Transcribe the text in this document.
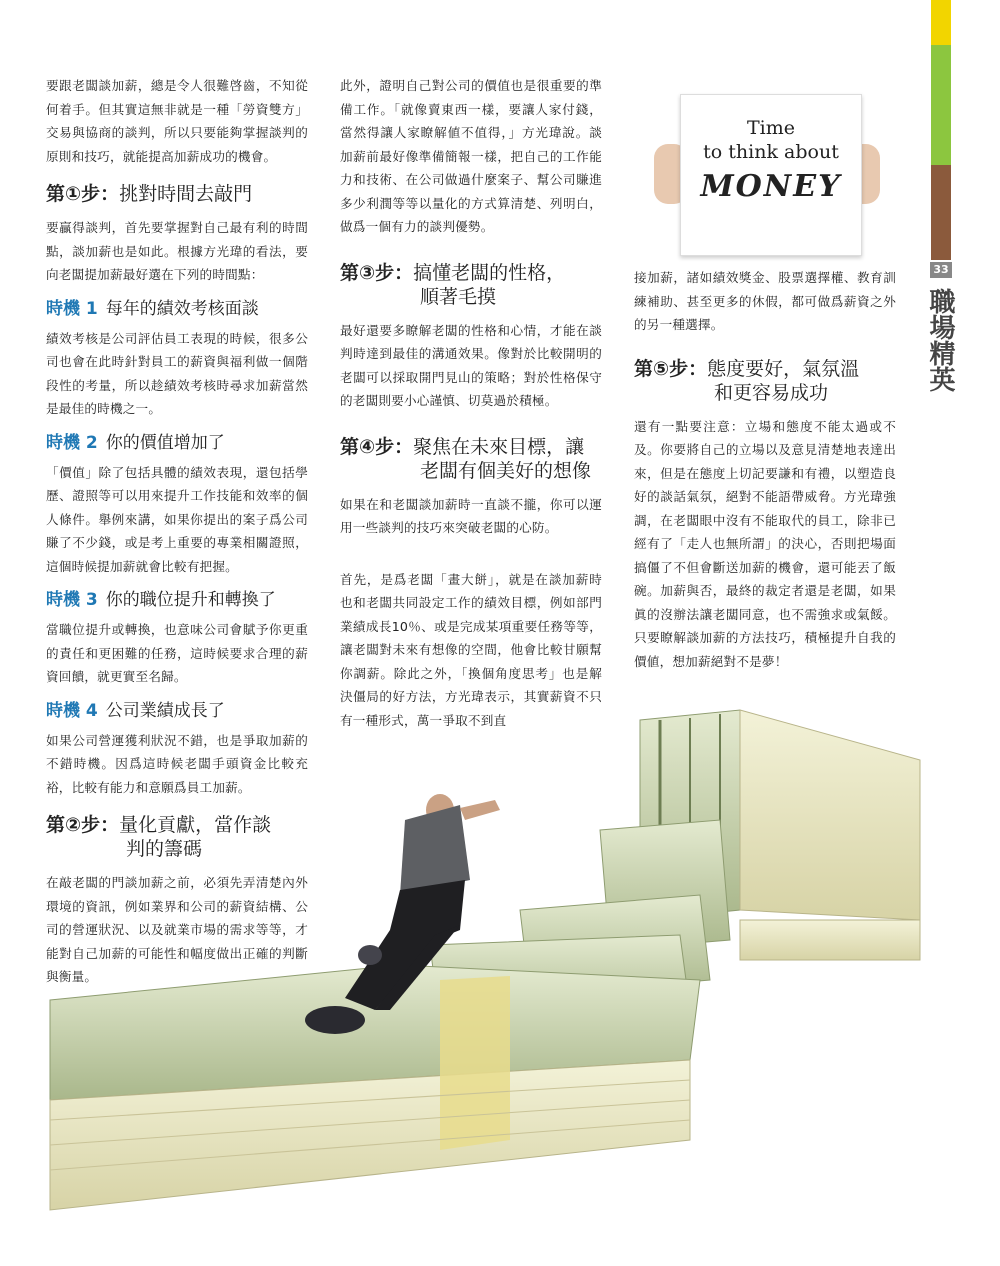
33
職場精英

要跟老闆談加薪，總是令人很難啓齒，不知從何着手。但其實這無非就是一種「勞資雙方」交易與協商的談判，所以只要能夠掌握談判的原則和技巧，就能提高加薪成功的機會。

第①步：挑對時間去敲門

要贏得談判，首先要掌握對自己最有利的時間點，談加薪也是如此。根據方光瑋的看法，要向老闆提加薪最好選在下列的時間點：

時機 1 每年的績效考核面談

績效考核是公司評估員工表現的時候，很多公司也會在此時針對員工的薪資與福利做一個階段性的考量，所以趁績效考核時尋求加薪當然是最佳的時機之一。

時機 2 你的價值增加了

「價值」除了包括具體的績效表現，還包括學歷、證照等可以用來提升工作技能和效率的個人條件。舉例來講，如果你提出的案子爲公司賺了不少錢，或是考上重要的專業相關證照，這個時候提加薪就會比較有把握。

時機 3 你的職位提升和轉換了

當職位提升或轉換，也意味公司會賦予你更重的責任和更困難的任務，這時候要求合理的薪資回饋，就更實至名歸。

時機 4 公司業績成長了

如果公司營運獲利狀況不錯，也是爭取加薪的不錯時機。因爲這時候老闆手頭資金比較充裕，比較有能力和意願爲員工加薪。

第②步：量化貢獻，當作談
判的籌碼

在敲老闆的門談加薪之前，必須先弄清楚內外環境的資訊，例如業界和公司的薪資結構、公司的營運狀況、以及就業市場的需求等等，才能對自己加薪的可能性和幅度做出正確的判斷與衡量。

此外，證明自己對公司的價值也是很重要的準備工作。「就像賣東西一樣，要讓人家付錢，當然得讓人家瞭解値不值得，」方光瑋說。談加薪前最好像準備簡報一樣，把自己的工作能力和技術、在公司做過什麼案子、幫公司賺進多少利潤等等以量化的方式算清楚、列明白，做爲一個有力的談判優勢。

第③步：搞懂老闆的性格，
順著毛摸

最好還要多瞭解老闆的性格和心情，才能在談判時達到最佳的溝通效果。像對於比較開明的老闆可以採取開門見山的策略；對於性格保守的老闆則要小心謹慎、切莫過於積極。

第④步：聚焦在未來目標，讓
老闆有個美好的想像

如果在和老闆談加薪時一直談不攏，你可以運用一些談判的技巧來突破老闆的心防。

首先，是爲老闆「畫大餅」，就是在談加薪時也和老闆共同設定工作的績效目標，例如部門業績成長10％、或是完成某項重要任務等等，讓老闆對未來有想像的空間，他會比較甘願幫你調薪。除此之外，「換個角度思考」也是解決僵局的好方法，方光瑋表示，其實薪資不只有一種形式，萬一爭取不到直

Time
to think about
MONEY

接加薪，諸如績效獎金、股票選擇權、教育訓練補助、甚至更多的休假，都可做爲薪資之外的另一種選擇。

第⑤步：態度要好，氣氛溫
和更容易成功

還有一點要注意：立場和態度不能太過或不及。你要將自己的立場以及意見清楚地表達出來，但是在態度上切記要謙和有禮，以塑造良好的談話氣氛，絕對不能語帶威脅。方光瑋強調，在老闆眼中沒有不能取代的員工，除非已經有了「走人也無所謂」的決心，否則把場面搞僵了不但會斷送加薪的機會，還可能丟了飯碗。加薪與否，最終的裁定者還是老闆，如果眞的沒辦法讓老闆同意，也不需強求或氣餒。只要瞭解談加薪的方法技巧，積極提升自我的價値，想加薪絕對不是夢！
